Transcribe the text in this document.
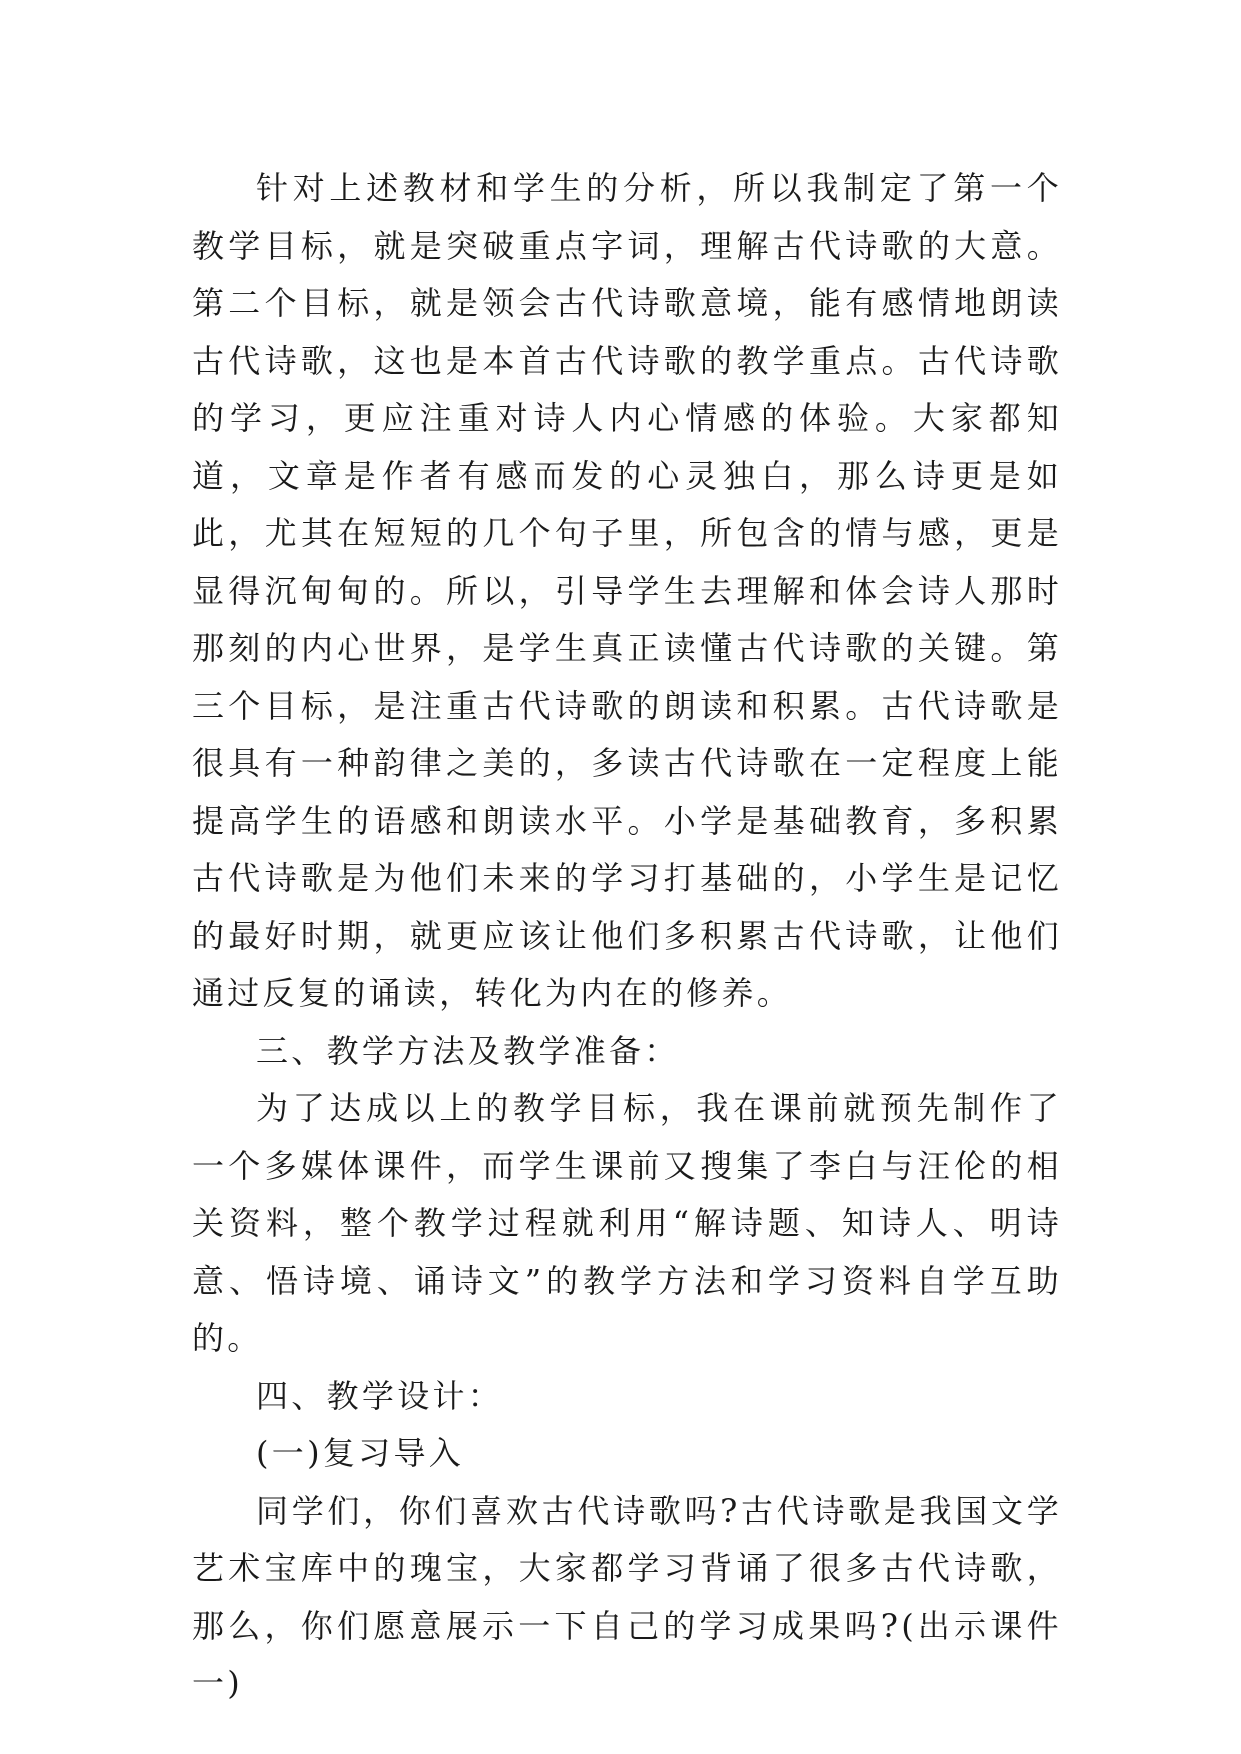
针对上述教材和学生的分析，所以我制定了第一个教学目标，就是突破重点字词，理解古代诗歌的大意。第二个目标，就是领会古代诗歌意境，能有感情地朗读古代诗歌，这也是本首古代诗歌的教学重点。古代诗歌的学习，更应注重对诗人内心情感的体验。大家都知道，文章是作者有感而发的心灵独白，那么诗更是如此，尤其在短短的几个句子里，所包含的情与感，更是显得沉甸甸的。所以，引导学生去理解和体会诗人那时那刻的内心世界，是学生真正读懂古代诗歌的关键。第三个目标，是注重古代诗歌的朗读和积累。古代诗歌是很具有一种韵律之美的，多读古代诗歌在一定程度上能提高学生的语感和朗读水平。小学是基础教育，多积累古代诗歌是为他们未来的学习打基础的，小学生是记忆的最好时期，就更应该让他们多积累古代诗歌，让他们通过反复的诵读，转化为内在的修养。

三、教学方法及教学准备：

为了达成以上的教学目标，我在课前就预先制作了一个多媒体课件，而学生课前又搜集了李白与汪伦的相关资料，整个教学过程就利用“解诗题、知诗人、明诗意、悟诗境、诵诗文”的教学方法和学习资料自学互助的。

四、教学设计：

(一)复习导入

同学们，你们喜欢古代诗歌吗?古代诗歌是我国文学艺术宝库中的瑰宝，大家都学习背诵了很多古代诗歌，那么，你们愿意展示一下自己的学习成果吗?(出示课件一)
